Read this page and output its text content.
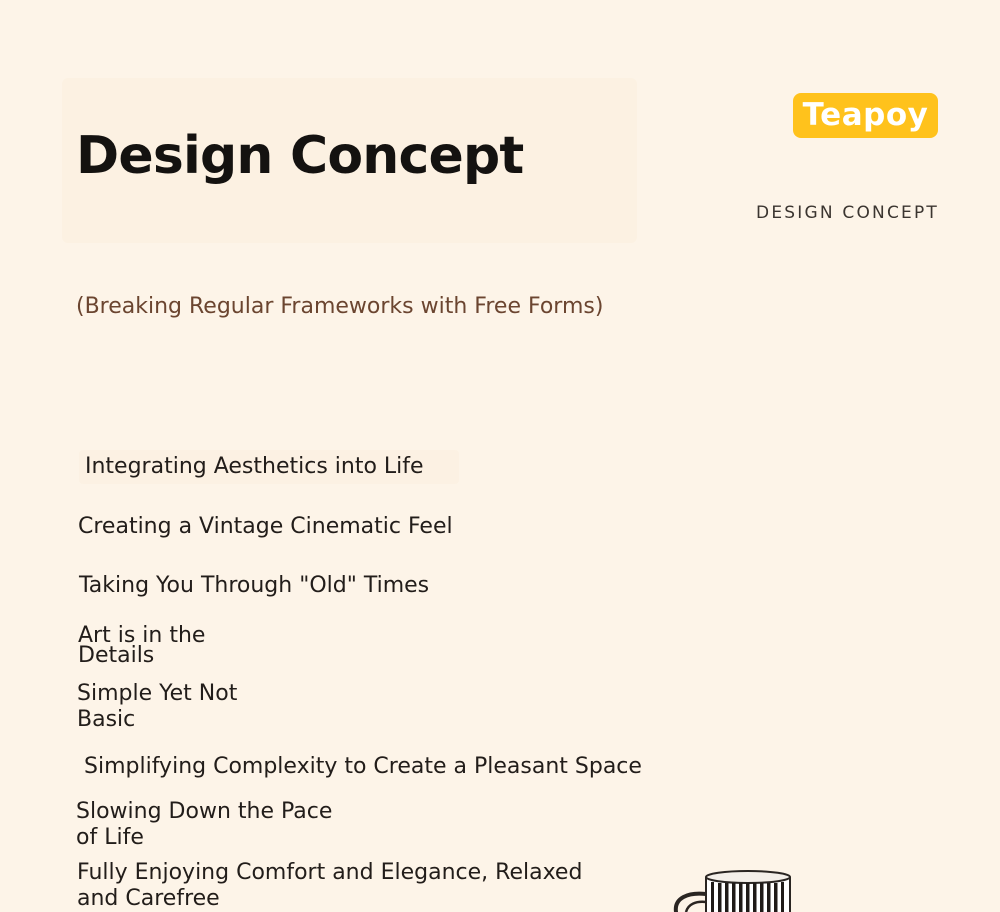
Design Concept
Teapoy
DESIGN CONCEPT
(Breaking Regular Frameworks with Free Forms)

Integrating Aesthetics into Life

Creating a Vintage Cinematic Feel

Taking You Through "Old" Times

Art is in the Details

Simple Yet Not Basic

Simplifying Complexity to Create a Pleasant Space

Slowing Down the Pace of Life

Fully Enjoying Comfort and Elegance, Relaxed and Carefree
